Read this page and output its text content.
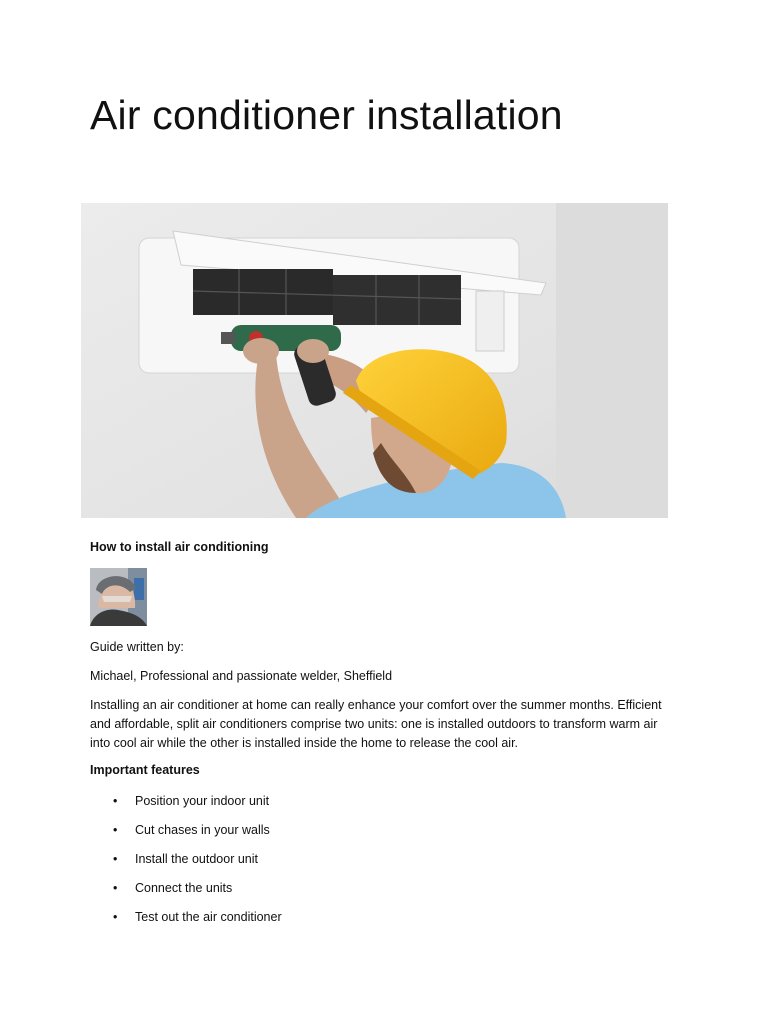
Air conditioner installation
How to install air conditioning

Guide written by:

Michael, Professional and passionate welder, Sheffield

Installing an air conditioner at home can really enhance your comfort over the summer months. Efficient and affordable, split air conditioners comprise two units: one is installed outdoors to transform warm air into cool air while the other is installed inside the home to release the cool air.

Important features
• Position your indoor unit
• Cut chases in your walls
• Install the outdoor unit
• Connect the units
• Test out the air conditioner
